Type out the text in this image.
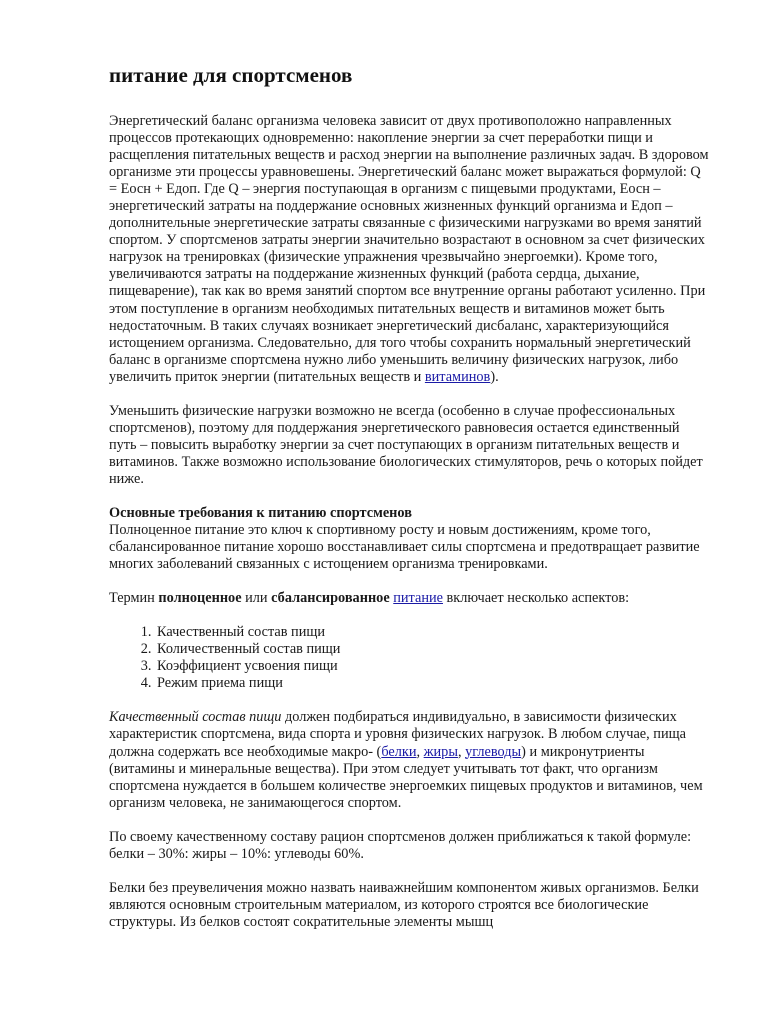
питание для спортсменов

Энергетический баланс организма человека зависит от двух противоположно направленных процессов протекающих одновременно: накопление энергии за счет переработки пищи и расщепления питательных веществ и расход энергии на выполнение различных задач. В здоровом организме эти процессы уравновешены. Энергетический баланс может выражаться формулой: Q = Еосн + Едоп. Где Q – энергия поступающая в организм с пищевыми продуктами, Еосн – энергетический затраты на поддержание основных жизненных функций организма и Едоп – дополнительные энергетические затраты связанные с физическими нагрузками во время занятий спортом. У спортсменов затраты энергии значительно возрастают в основном за счет физических нагрузок на тренировках (физические упражнения чрезвычайно энергоемки). Кроме того, увеличиваются затраты на поддержание жизненных функций (работа сердца, дыхание, пищеварение), так как во время занятий спортом все внутренние органы работают усиленно. При этом поступление в организм необходимых питательных веществ и витаминов может быть недостаточным. В таких случаях возникает энергетический дисбаланс, характеризующийся истощением организма. Следовательно, для того чтобы сохранить нормальный энергетический баланс в организме спортсмена нужно либо уменьшить величину физических нагрузок, либо увеличить приток энергии (питательных веществ и витаминов).

Уменьшить физические нагрузки возможно не всегда (особенно в случае профессиональных спортсменов), поэтому для поддержания энергетического равновесия остается единственный путь – повысить выработку энергии за счет поступающих в организм питательных веществ и витаминов. Также возможно использование биологических стимуляторов, речь о которых пойдет ниже.

Основные требования к питанию спортсменов
Полноценное питание это ключ к спортивному росту и новым достижениям, кроме того, сбалансированное питание хорошо восстанавливает силы спортсмена и предотвращает развитие многих заболеваний связанных с истощением организма тренировками.

Термин полноценное или сбалансированное питание включает несколько аспектов:

1. Качественный состав пищи
2. Количественный состав пищи
3. Коэффициент усвоения пищи
4. Режим приема пищи

Качественный состав пищи должен подбираться индивидуально, в зависимости физических характеристик спортсмена, вида спорта и уровня физических нагрузок. В любом случае, пища должна содержать все необходимые макро- (белки, жиры, углеводы) и микронутриенты (витамины и минеральные вещества). При этом следует учитывать тот факт, что организм спортсмена нуждается в большем количестве энергоемких пищевых продуктов и витаминов, чем организм человека, не занимающегося спортом.

По своему качественному составу рацион спортсменов должен приближаться к такой формуле: белки – 30%: жиры – 10%: углеводы 60%.

Белки без преувеличения можно назвать наиважнейшим компонентом живых организмов. Белки являются основным строительным материалом, из которого строятся все биологические структуры. Из белков состоят сократительные элементы мышц
